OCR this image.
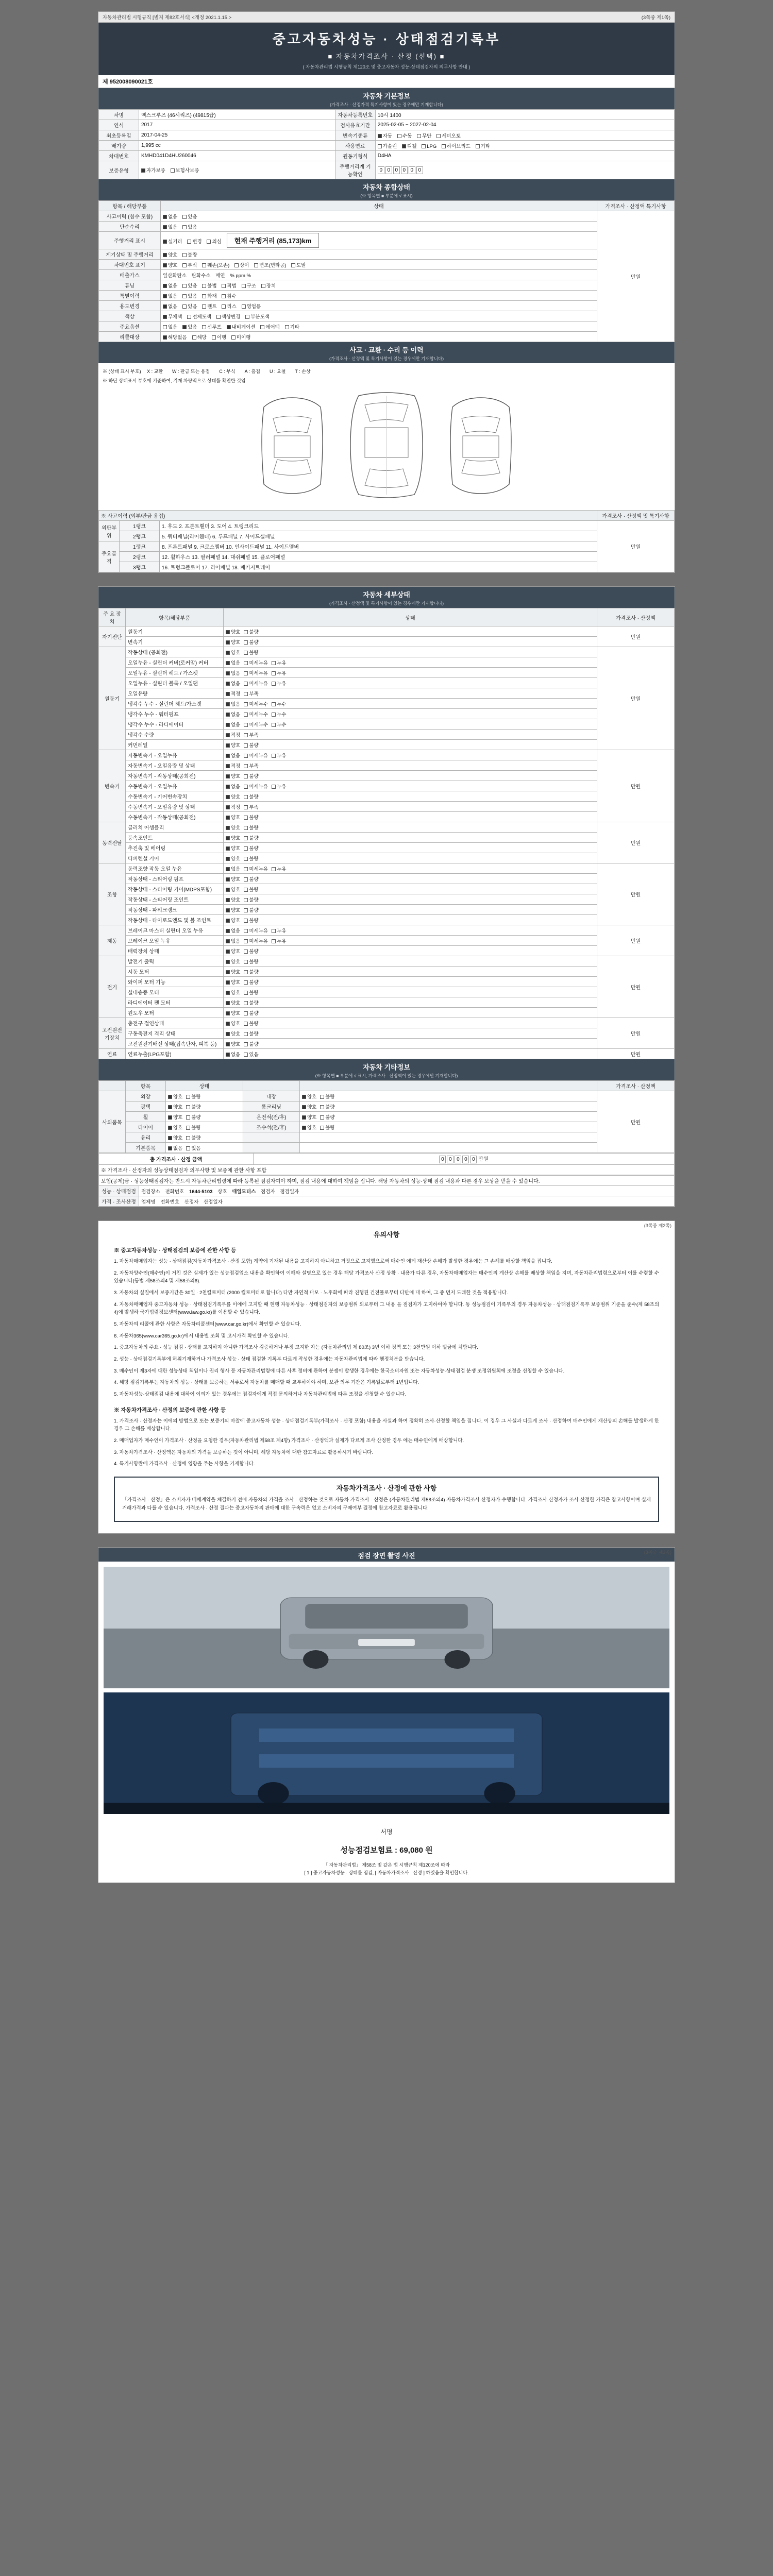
자동차관리법 시행규칙 [별지 제82호서식] <개정 2021.1.15.>	(3쪽중 제1쪽)
중고자동차성능 · 상태점검기록부
■ 자동차가격조사 · 산정 (선택) ■
( 자동차관리법 시행규칙 제120조 및 중고자동차 성능·상태점검자의 의무사항 안내 )
제 952008090021호
자동차 기본정보
(가격조사 · 산정가격 특기사항이 있는 경우에만 기재합니다)
차명	엑스크루즈 (46시리즈) (49815급)	자동차등록번호	10시 1400
연식	2017	검사유효기간	2025-02-05 ~ 2027-02-04
최초등록일	2017-04-25	변속기종류	자동 수동 무단 세미오토
배기량	1,995 cc	사용연료	가솔린 디젤 LPG 하이브리드 기타
차대번호	KMHD041D4HU260046	원동기형식	D4HA
보증유형	자가보증 보험사보증	주행거리계 기능확인	
0 0 0 0 0 0
자동차 종합상태
(※ 항목별 ■ 부분에 √ 표시)
항목 / 해당부품	상태	가격조사 · 산정액 특기사항
사고이력 (침수 포함)	없음 있음	만원
단순수리	없음 있음	
주행거리 표시	실거리 변경 의심 현재 주행거리 (85,173)km	
계기상태 및 주행거리	양호 불량	
차대번호 표기	양호 부식 훼손(오손) 상이 변조(변타공) 도말	
배출가스	일산화탄소 탄화수소 매연 % ppm %	
튜닝	없음 있음 불법 적법 구조 장치	
특별이력	없음 있음 화재 침수	
용도변경	없음 있음 렌트 리스 영업용	
색상	무채색 전체도색 색상변경 부분도색	
주요옵션	없음 있음 선루프 내비게이션 에어백 기타	
리콜대상	해당없음 해당 이행 미이행	
사고 · 교환 · 수리 등 이력
(가격조사 · 산정액 및 특기사항이 있는 경우에만 기재합니다)
※ (상태 표시 부호) 　X : 교환　　W : 판금 또는 용접　　C : 부식　　A : 흠집　　U : 요철　　T : 손상
※ 하단 상태표시 부호에 기준하여, 기재 차량적으로 상태를 확인한 것임
※ 사고이력 (외부/판금 용접)			가격조사 · 산정액 및 특기사항
외판부위	1랭크	1. 후드 2. 프론트휀더 3. 도어 4. 트렁크리드	만원
	2랭크	5. 쿼터패널(리어휀더) 6. 루프패널 7. 사이드실패널	
주요골격	1랭크	8. 프론트패널 9. 크로스멤버 10. 인사이드패널 11. 사이드멤버	
	2랭크	12. 휠하우스 13. 필러패널 14. 대쉬패널 15. 플로어패널	
	3랭크	16. 트렁크플로어 17. 리어패널 18. 패키지트레이	
자동차 세부상태
(가격조사 · 산정액 및 특기사항이 있는 경우에만 기재합니다)
주 요 장치	항목/해당부품	상태	가격조사 · 산정액
자기진단	원동기	양호 불량	만원
	변속기	양호 불량	
원동기	작동상태 (공회전)	양호 불량	만원
	오일누유 - 실린더 커버(로커암) 커버	없음 미세누유 누유	
	오일누유 - 실린더 헤드 / 가스켓	없음 미세누유 누유	
	오일누유 - 실린더 블록 / 오일팬	없음 미세누유 누유	
	오일유량	적정 부족	
	냉각수 누수 - 실린더 헤드/가스켓	없음 미세누수 누수	
	냉각수 누수 - 워터펌프	없음 미세누수 누수	
	냉각수 누수 - 라디에이터	없음 미세누수 누수	
	냉각수 수량	적정 부족	
	커먼레일	양호 불량	
변속기	자동변속기 - 오일누유	없음 미세누유 누유	만원
	자동변속기 - 오일유량 및 상태	적정 부족	
	자동변속기 - 작동상태(공회전)	양호 불량	
	수동변속기 - 오일누유	없음 미세누유 누유	
	수동변속기 - 기어변속장치	양호 불량	
	수동변속기 - 오일유량 및 상태	적정 부족	
	수동변속기 - 작동상태(공회전)	양호 불량	
동력전달	클러치 어셈블리	양호 불량	만원
	등속조인트	양호 불량	
	추진축 및 베어링	양호 불량	
	디퍼렌셜 기어	양호 불량	
조향	동력조향 작동 오일 누유	없음 미세누유 누유	만원
	작동상태 - 스티어링 펌프	양호 불량	
	작동상태 - 스티어링 기어(MDPS포함)	양호 불량	
	작동상태 - 스티어링 조인트	양호 불량	
	작동상태 - 파워크랭크	양호 불량	
	작동상태 - 타이로드엔드 및 볼 조인트	양호 불량	
제동	브레이크 마스터 실린더 오일 누유	없음 미세누유 누유	만원
	브레이크 오일 누유	없음 미세누유 누유	
	배력장치 상태	양호 불량	
전기	발전기 출력	양호 불량	만원
	시동 모터	양호 불량	
	와이퍼 모터 기능	양호 불량	
	실내송풍 모터	양호 불량	
	라디에이터 팬 모터	양호 불량	
	윈도우 모터	양호 불량	
고전원전기장치	충전구 절연상태	양호 불량	만원
	구동축전지 격리 상태	양호 불량	
	고전원전기배선 상태(접속단자, 피복 등)	양호 불량	
연료	연료누출(LPG포함)	없음 있음	만원
자동차 기타정보
(※ 항목별 ■ 부분에 √ 표시, 가격조사 · 산정액이 있는 경우에만 기재합니다)
	항목	상태			가격조사 · 산정액
사외품목	외장	양호 불량	내장	양호 불량	만원
	광택	양호 불량	룸크리닝	양호 불량	
	휠	양호 불량	운전석(전/후)	양호 불량	
	타이어	양호 불량	조수석(전/후)	양호 불량	
	유리	양호 불량			
	기본품목	없음 있음			
총 가격조사 · 산정 금액	0 0 0 0 0 만원
※ 가격조사 · 산정자의 성능상태점검자 의무사항 및 보증에 관한 사항 포함
보험(공제)금 · 성능상태점검자는 반드시 자동차관리법령에 따라 등록된 점검자여야 하며, 점검 내용에 대하여 책임을 집니다. 해당 자동차의 성능·상태 점검 내용과 다른 경우 보상을 받을 수 있습니다.	
성능 · 상태점검	점검장소 전화번호 1644-5103 상호 대일모터스 점검자 점검일자
가격 · 조사산정	업체명 전화번호 산정자 산정일자
(3쪽중 제2쪽)
유의사항
※ 중고자동차성능 · 상태점검의 보증에 관한 사항 등

1. 자동차매매업자는 성능 · 상태점검(자동차가격조사 · 산정 포함) 계약에 기재된 내용을 고지하지 아니하고 거짓으로 고지했으로써 매수인 에게 재산상 손해가 발생한 경우에는 그 손해를 배상할 책임을 집니다.

2. 자동차양수인(매수인)이 거친 것은 실제가 있는 성능점검업소 내용을 확인하여 이해와 설명으로 있는 경우 해당 가격조사 산정 상황 · 내용가 다른 경우, 자동차매매업자는 매수인의 계산상 손해를 배상할 책임을 지며, 자동차관리법령으로부터 이를 수령할 수 있습니다(동법 제58조의4 및 제58조의6).

3. 자동차의 실질에서 보증기간은 30일 · 2천킬로미터 (2000 킬로미터로 합니다) 다만 자연적 마모 · 노후화에 따라 진행된 건전물로부터 다만에 대 하여, 그 중 먼저 도래한 것을 적용합니다.

4. 자동차매매업자 중고자동차 성능 · 상태점검기록부를 이에에 고지할 때 현행 자동차성능 · 상태점검자의 보증범위 외로부터 그 내용 을 점검자가 고지하여야 합니다. 동 성능점검이 기록부의 경우 자동차성능 · 상태점검기록부 보증범위 기준을 준수(제 58조의4)에 발생하 국가법령정보센터(www.law.go.kr)를 이용할 수 있습니다.

5. 자동차의 리콜에 관한 사항은 자동차리콜센터(www.car.go.kr)에서 확인할 수 있습니다.

6. 자동차365(www.car365.go.kr)에서 내용별 조회 및 고시가격 확인할 수 있습니다.

1. 중고자동차의 주요 · 성능 점검 · 상태를 고지하지 아니한 가격조사 검증하거나 부정 고지한 자는 (자동차관리법 제 80조) 3년 이하 징역 또는 3천만원 이하 벌금에 처합니다.

2. 성능 · 상태점검기록부에 허위기재하거나 가격조사 성능 · 상태 점검한 기록부 다르게 작성한 경우에는 자동차관리법에 따라 행정처분을 받습니다.

3. 매수인이 제3자에 대한 성능상태 책임이나 권리 행사 등 자동차관리법령에 따른 사후 정비에 관하여 분쟁이 발생한 경우에는 한국소비자원 또는 자동차성능·상태점검 분쟁 조정위원회에 조정을 신청할 수 있습니다.

4. 해당 점검기록부는 자동차의 성능 · 상태를 보증하는 서류로서 자동차를 매매할 때 교부하여야 하며, 보관 의무 기간은 기록일로부터 1년입니다.

5. 자동차성능·상태점검 내용에 대하여 이의가 있는 경우에는 점검자에게 직접 문의하거나 자동차관리법에 따른 조정을 신청할 수 있습니다.

※ 자동차가격조사 · 산정의 보증에 관한 사항 등

1. 가격조사 · 산정자는 이에의 방법으로 또는 보증기의 마찰에 중고자동차 성능 · 상태점검기록부(가격조사 · 산정 포함) 내용을 사실과 하여 정확히 조사·산정할 책임을 집니다. 이 경우 그 사실과 다르게 조사 · 산정하여 매수인에게 재산상의 손해를 발생하게 한 경우 그 손해를 배상합니다.

2. 매매업자가 매수인이 가격조사 · 산정을 요청한 경우(자동차관리법 제58조 제4항) 가격조사 · 산정액과 실제가 다르게 조사 산정한 경우 에는 매수인에게 배상합니다.

3. 자동차가격조사 · 산정액은 자동차의 가격을 보증하는 것이 아니며, 해당 자동차에 대한 참고자료로 활용하시기 바랍니다.

4. 특기사항란에 가격조사 · 산정에 영향을 주는 사항을 기재합니다.

자동차가격조사 · 산정에 관한 사항

「가격조사 · 산정」은 소비자가 매매계약을 체결하기 전에 자동차의 가격을 조사 · 산정하는 것으로 자동차 가격조사 · 산정은 (자동차관리법 제58조의4) 자동차가격조사·산정자가 수행합니다. 가격조사·산정자가 조사·산정한 가격은 참고사항이며 실제 거래가격과 다를 수 있습니다. 가격조사 · 산정 결과는 중고자동차의 판매에 대한 구속력은 없고 소비자의 구매여부 결정에 참고자료로 활용됩니다.

(3쪽중 제3쪽)
점검 장면 촬영 사진
서명
성능점검보험료 : 69,080 원
「 자동차관리법」 제58조 및 같은 법 시행규칙 제120조에 따라
[ 1 ] 중고자동차성능 · 상태를 점검, [ 자동차가격조사 · 산정 ] 하였음을 확인합니다.
